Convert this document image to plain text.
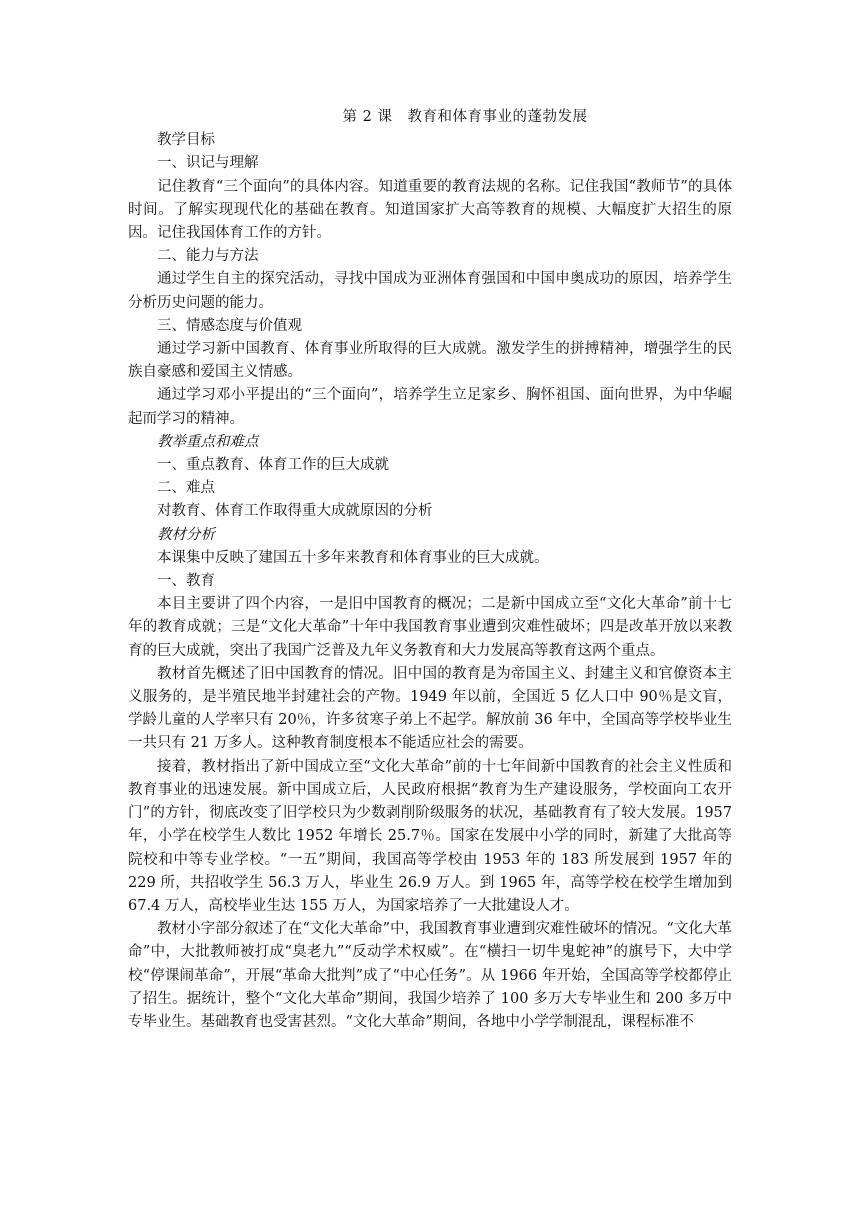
第 2 课　教育和体育事业的蓬勃发展

教学目标

一、识记与理解

记住教育“三个面向”的具体内容。知道重要的教育法规的名称。记住我国“教师节”的具体时间。了解实现现代化的基础在教育。知道国家扩大高等教育的规模、大幅度扩大招生的原因。记住我国体育工作的方针。

二、能力与方法

通过学生自主的探究活动，寻找中国成为亚洲体育强国和中国申奥成功的原因，培养学生分析历史问题的能力。

三、情感态度与价值观

通过学习新中国教育、体育事业所取得的巨大成就。激发学生的拼搏精神，增强学生的民族自豪感和爱国主义情感。

通过学习邓小平提出的“三个面向”，培养学生立足家乡、胸怀祖国、面向世界，为中华崛起而学习的精神。

教举重点和难点

一、重点教育、体育工作的巨大成就

二、难点

对教育、体育工作取得重大成就原因的分析

教材分析

本课集中反映了建国五十多年来教育和体育事业的巨大成就。

一、教育

本目主要讲了四个内容，一是旧中国教育的概况；二是新中国成立至“文化大革命”前十七年的教育成就；三是“文化大革命”十年中我国教育事业遭到灾难性破坏；四是改革开放以来教育的巨大成就，突出了我国广泛普及九年义务教育和大力发展高等教育这两个重点。

教材首先概述了旧中国教育的情况。旧中国的教育是为帝国主义、封建主义和官僚资本主义服务的，是半殖民地半封建社会的产物。1949 年以前，全国近 5 亿人口中 90％是文盲，学龄儿童的人学率只有 20％，许多贫寒子弟上不起学。解放前 36 年中，全国高等学校毕业生一共只有 21 万多人。这种教育制度根本不能适应社会的需要。

接着，教材指出了新中国成立至“文化大革命”前的十七年间新中国教育的社会主义性质和教育事业的迅速发展。新中国成立后，人民政府根据“教育为生产建设服务，学校面向工农开门”的方针，彻底改变了旧学校只为少数剥削阶级服务的状况，基础教育有了较大发展。1957 年，小学在校学生人数比 1952 年增长 25.7％。国家在发展中小学的同时，新建了大批高等院校和中等专业学校。“一五”期间，我国高等学校由 1953 年的 183 所发展到 1957 年的 229 所，共招收学生 56.3 万人，毕业生 26.9 万人。到 1965 年，高等学校在校学生增加到 67.4 万人，高校毕业生达 155 万人，为国家培养了一大批建设人才。

教材小字部分叙述了在“文化大革命”中，我国教育事业遭到灾难性破坏的情况。“文化大革命”中，大批教师被打成“臭老九”“反动学术权威”。在“横扫一切牛鬼蛇神”的旗号下，大中学校“停课闹革命”，开展“革命大批判”成了“中心任务”。从 1966 年开始，全国高等学校都停止了招生。据统计，整个“文化大革命”期间，我国少培养了 100 多万大专毕业生和 200 多万中专毕业生。基础教育也受害甚烈。“文化大革命”期间，各地中小学学制混乱，课程标准不
